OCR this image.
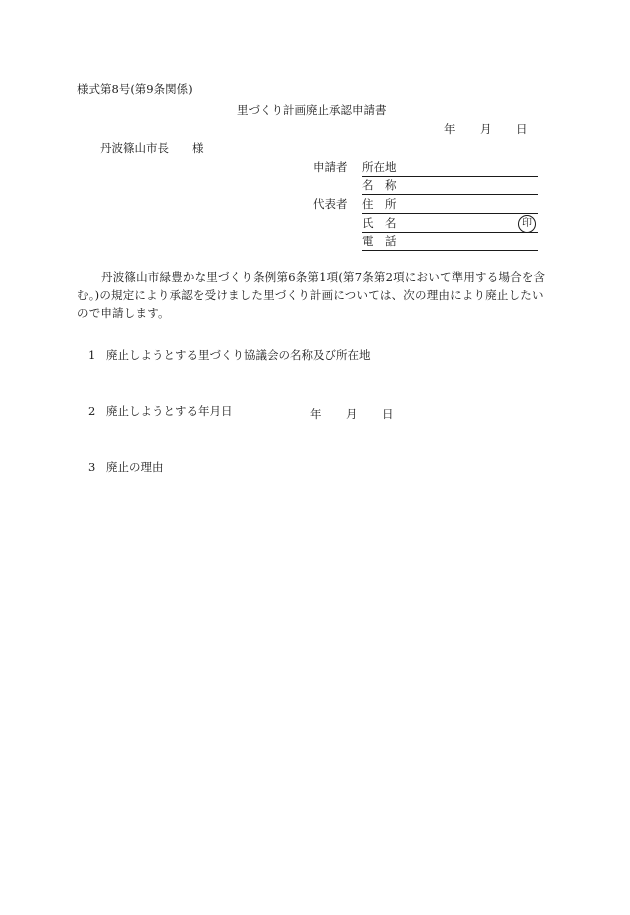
様式第8号(第9条関係)
里づくり計画廃止承認申請書
年 月 日
丹波篠山市長　　様
申請者 所在地
名　称
代表者 住　所
氏　名	印
電　話
丹波篠山市緑豊かな里づくり条例第6条第1項(第7条第2項において準用する場合を含む。)の規定により承認を受けました里づくり計画については、次の理由により廃止したいので申請します。
1 廃止しようとする里づくり協議会の名称及び所在地
2 廃止しようとする年月日	年 月 日
3 廃止の理由
